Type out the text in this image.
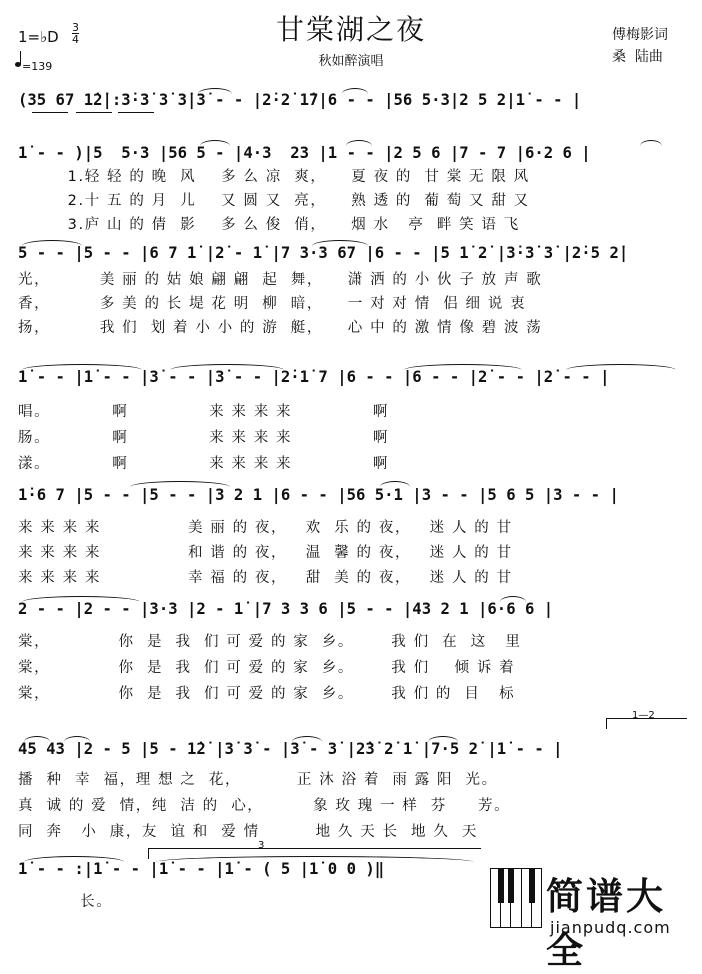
1=♭D
3
4
=139
甘棠湖之夜
秋如醉演唱
傅梅影词
桑  陆曲
(35 67 1̇2̇|:3̇·3̇ 3̇ 3̇|3̇ - - |2̇·2̇ 1̇7|6 - - |56 5·3|2 5 2|1̇ - - |
1̇ - - )|5  5·3 |56 5 - |4·3  23 |1 - - |2 5 6 |7 - 7 |6·2 6 |
1.轻 轻 的 晚  风    多 么 凉  爽，    夏 夜 的  甘 棠 无 限 风
2.十 五 的 月  儿    又 圆 又  亮，    熟 透 的  葡 萄 又 甜 又
3.庐 山 的 倩  影    多 么 俊  俏，    烟 水   亭  畔 笑 语 飞
5 - - |5 - - |6 7 1̇ |2̇ - 1̇ |7 3·3 67 |6 - - |5 1̇ 2̇ |3̇·3̇ 3̇ |2̇·5 2̇|
光，        美 丽 的 姑 娘 翩 翩  起  舞，    潇 洒 的 小 伙 子 放 声 歌
香，        多 美 的 长 堤 花 明  柳  暗，    一 对 对 情  侣 细 说 衷
扬，        我 们  划 着 小 小 的 游  艇，    心 中 的 激 情 像 碧 波 荡
1̇ - - |1̇ - - |3̇ - - |3̇ - - |2̇·1̇ 7 |6 - - |6 - - |2̇ - - |2̇ - - |
唱。          啊             来 来 来 来             啊
肠。          啊             来 来 来 来             啊
漾。          啊             来 来 来 来             啊
1̇·6 7 |5 - - |5 - - |3 2 1 |6 - - |56 5·1 |3 - - |5 6 5 |3 - - |
来 来 来 来              美 丽 的 夜，   欢  乐 的 夜，   迷 人 的 甘
来 来 来 来              和 谐 的 夜，   温  馨 的 夜，   迷 人 的 甘
来 来 来 来              幸 福 的 夜，   甜  美 的 夜，   迷 人 的 甘
2 - - |2 - - |3·3 |2 - 1̇ |7 3 3 6 |5 - - |43 2 1 |6·6 6 |
棠，           你  是  我  们 可 爱 的 家  乡。      我 们  在  这   里
棠，           你  是  我  们 可 爱 的 家  乡。      我 们    倾 诉 着
棠，           你  是  我  们 可 爱 的 家  乡。      我 们 的  目   标
1—2
45 43 |2 - 5 |5 - 1̇2̇ |3̇ 3̇ - |3̇ - 3̇ |2̇3̇ 2̇ 1̇ |7·5 2̇ |1̇ - - |
播  种  幸  福，理 想 之  花，         正 沐 浴 着  雨 露 阳  光。
真  诚 的 爱  情，纯  洁 的  心，        象 玫 瑰 一 样  芬     芳。
同  奔   小  康，友  谊 和  爱 情         地 久 天 长  地 久  天
3
1̇ - - :|1̇ - - |1̇ - - |1̇ - ( 5 |1̇ 0 0 )‖
长。	简谱大全
jianpudq.com
